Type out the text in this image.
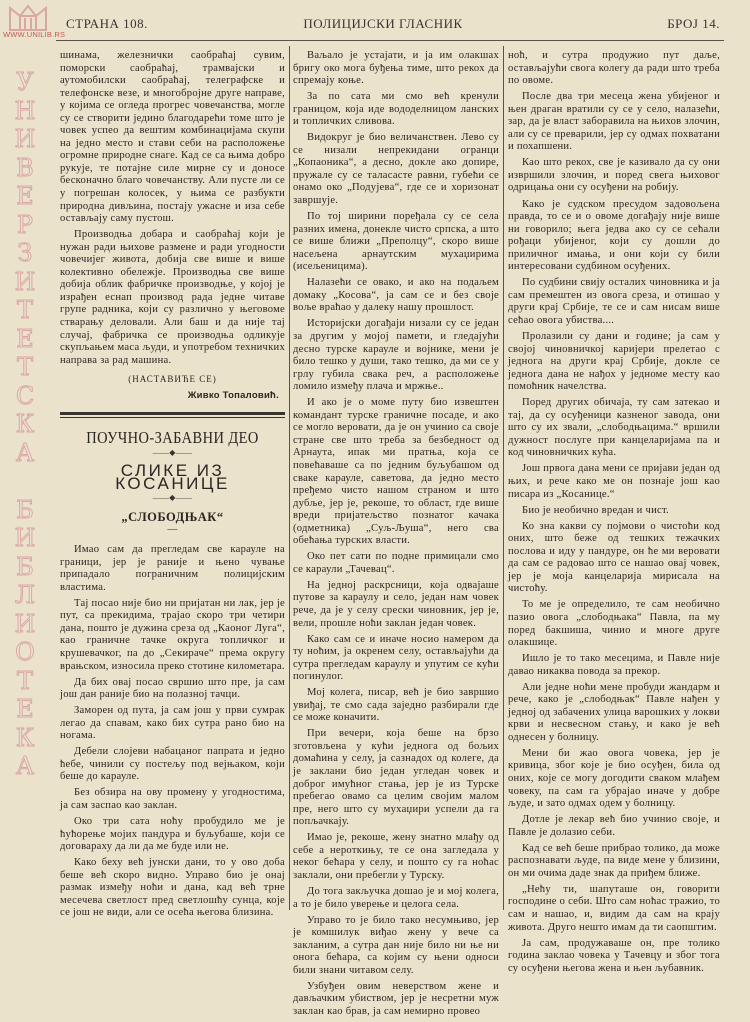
WWW.UNILIB.RS
У
Н
И
В
Е
Р
З
И
Т
Е
Т
С
К
А
Б
И
Б
Л
И
О
Т
Е
К
А
СТРАНА 108.	ПОЛИЦИЈСКИ ГЛАСНИК	БРОЈ 14.

шинама, железнички саобраћај сувим, поморски саобраћај, трамвајски и аутомобилски саобраћај, телеграфске и телефонске везе, и многобројне друге направе, у којима се огледа прогрес човечанства, могле су се створити једино благодарећи томе што је човек успео да вештим комбинацијама скупи на једно место и стави себи на расположење огромне природне снаге. Кад се са њима добро рукује, те потајне силе мирне су и доносе бесконачно благо човечанству. Али пусте ли се у погрешан колосек, у њима се разбукти природна дивљина, постају ужасне и иза себе остављају саму пустош.

Производња добара и саобраћај који је нужан ради њихове размене и ради угодности човечијег живота, добија све више и више колективно обележје. Производња све више добија облик фабричке производње, у којој је израђен еснап производ рада једне читаве групе радника, који су различно у његовоме стварању деловали. Али баш и да није тај случај, фабричка се производња одликује скупљањем маса људи, и употребом техничких направа за рад машина.

(НАСТАВИЋЕ СЕ)
Живко Топаловић.
ПОУЧНО-ЗАБАВНИ ДЕО
——◆——
СЛИКЕ ИЗ КОСАНИЦЕ
——◆——
„СЛОБОДЊАК“
—

Имао сам да прегледам све карауле на граници, јер је раније и њено чување припадало пограничним полицијским властима.

Тај посао није био ни пријатан ни лак, јер је пут, са прекидима, трајао скоро три четири дана, пошто је дужина среза од „Каоног Луга“, као граничне тачке округа топличког и крушевачког, па до „Секираче“ према округу врањском, износила преко стотине километара.

Да бих овај посао свршио што пре, ја сам још дан раније био на полазној тачци.

Заморен од пута, ја сам још у први сумрак легао да спавам, како бих сутра рано био на ногама.

Дебели слојеви набацаног папрата и једно ћебе, чинили су постељу под вејњаком, који беше до карауле.

Без обзира на ову промену у угодностима, ја сам заспао као заклан.

Око три сата ноћу пробудило ме је ћућорење мојих пандура и буљубаше, који се договараху да ли да ме буде или не.

Како беху већ јунски дани, то у ово доба беше већ скоро видно. Управо био је онај размак између ноћи и дана, кад већ трне месечева светлост пред светлошћу сунца, које се још не види, али се осећа његова близина.

Ваљало је устајати, и ја им олакшах бригу око мога буђења тиме, што рекох да спремају коње.

За по сата ми смо већ кренули границом, која иде вододелницом ланских и топличких сливова.

Видокруг је био величанствен. Лево су се низали непрекидани огранци „Копаоника“, а десно, докле ако допире, пружале су се таласасте равни, губећи се онамо око „Подујева“, где се и хоризонат завршује.

По тој ширини поређала су се села разних имена, донекле чисто српска, а што се више ближи „Преполцу“, скоро више насељена арнаутским мухаџирима (исељеницима).

Налазећи се овако, и ако на подаљем домаку „Косова“, ја сам се и без своје воље враћао у далеку нашу прошлост.

Историјски догађаји низали су се један за другим у мојој памети, и гледајући десно турске карауле и војнике, мени је било тешко у души, тако тешко, да ми се у грлу губила свака реч, а расположење ломило између плача и мржње..

И ако је о моме путу био извештен командант турске граничне посаде, и ако се могло веровати, да је он учинио са своје стране све што треба за безбедност од Арнаута, ипак ми пратња, која се повећаваше са по једним буљубашом од сваке карауле, саветова, да једно место пређемо чисто нашом страном и што дубље, јер је, рекоше, то област, где више вреди пријатељство познатог качака (одметника) „Суљ-Љуша“, него сва обећања турских власти.

Око пет сати по подне примицали смо се караули „Тачевац“.

На једној раскрсници, која одвајаше путове за караулу и село, један нам човек рече, да је у селу срески чиновник, јер је, вели, прошле ноћи заклан један човек.

Како сам се и иначе носио намером да ту ноћим, ја окренем селу, остављајући да сутра прегледам караулу и упутим се кући погинулог.

Мој колега, писар, већ је био завршио увиђај, те смо сада заједно разбирали где се може коначити.

При вечери, која беше на брзо зготовљена у кући једнога од бољих домаћина у селу, ја сазнадох од колеге, да је заклани био један угледан човек и доброг имућног стања, јер је из Турске пребегао овамо са целим својим малом пре, него што су мухаџири успели да га попљачкају.

Имао је, рекоше, жену знатно млађу од себе а нероткињу, те се она загледала у неког бећара у селу, и пошто су га ноћас заклали, они пребегли у Турску.

До тога закључка дошао је и мој колега, а то је било уверење и целога села.

Управо то је било тако несумњиво, јер је комшилук виђао жену у вече са закланим, а сутра дан није било ни ње ни онога бећара, са којим су њени односи били знани читавом селу.

Узбуђен овим неверством жене и дављачким убиством, јер је несретни муж заклан као брав, ја сам немирно провео

ноћ, и сутра продужио пут даље, остављајући свога колегу да ради што треба по овоме.

После два три месеца жена убијеног и њен драган вратили су се у село, налазећи, зар, да је власт заборавила на њихов злочин, али су се преварили, јер су одмах похватани и похапшени.

Као што рекох, све је казивало да су они извршили злочин, и поред свега њиховог одрицања они су осуђени на робију.

Како је судском пресудом задовољена правда, то се и о овоме догађају није више ни говорило; њега једва ако су се сећали рођаци убијеног, који су дошли до приличног имања, и они који су били интересовани судбином осуђених.

По судбини свију осталих чиновника и ја сам премештен из овога среза, и отишао у други крај Србије, те се и сам нисам више сећао овога убиства....

Пролазили су дани и године; ја сам у својој чиновничкој каријери прелетао с једнога на други крај Србије, докле се једнога дана не нађох у једноме месту као помоћник начелства.

Поред других обичаја, ту сам затекао и тај, да су осуђеници казненог завода, они што су их звали, „слободњацима.“ вршили дужност послуге при канцеларијама па и код чиновничких кућа.

Још првога дана мени се пријави један од њих, и рече како ме он познаје још као писара из „Косанице.“

Био је необично вредан и чист.

Ко зна какви су појмови о чистоћи код оних, што беже од тешких тежачких послова и иду у пандуре, он ће ми веровати да сам се радовао што се нашао овај човек, јер је моја канцеларија мирисала на чистоћу.

То ме је определило, те сам необично пазио овога „слободњака“ Павла, па му поред бакшиша, чинио и многе друге олакшице.

Ишло је то тако месецима, и Павле није давао никаква повода за прекор.

Али једне ноћи мене пробуди жандарм и рече, како је „слободњак“ Павле нађен у једној од забачених улица варошких у локви крви и несвесном стању, и како је већ однесен у болницу.

Мени би жао овога човека, јер је кривица, због које је био осуђен, била од оних, које се могу догодити сваком млађем човеку, па сам га убрајао иначе у добре људе, и зато одмах одем у болницу.

Дотле је лекар већ био учинио своје, и Павле је долазио себи.

Кад се већ беше прибрао толико, да може распознавати људе, па виде мене у близини, он ми очима даде знак да приђем ближе.

„Нећу ти, шапуташе он, говорити господине о себи. Што сам ноћас тражио, то сам и нашао, и, видим да сам на крају живота. Друго нешто имам да ти саопштим.

Ја сам, продужаваше он, пре толико година заклао човека у Тачевцу и због тога су осуђени његова жена и њен љубавник.
